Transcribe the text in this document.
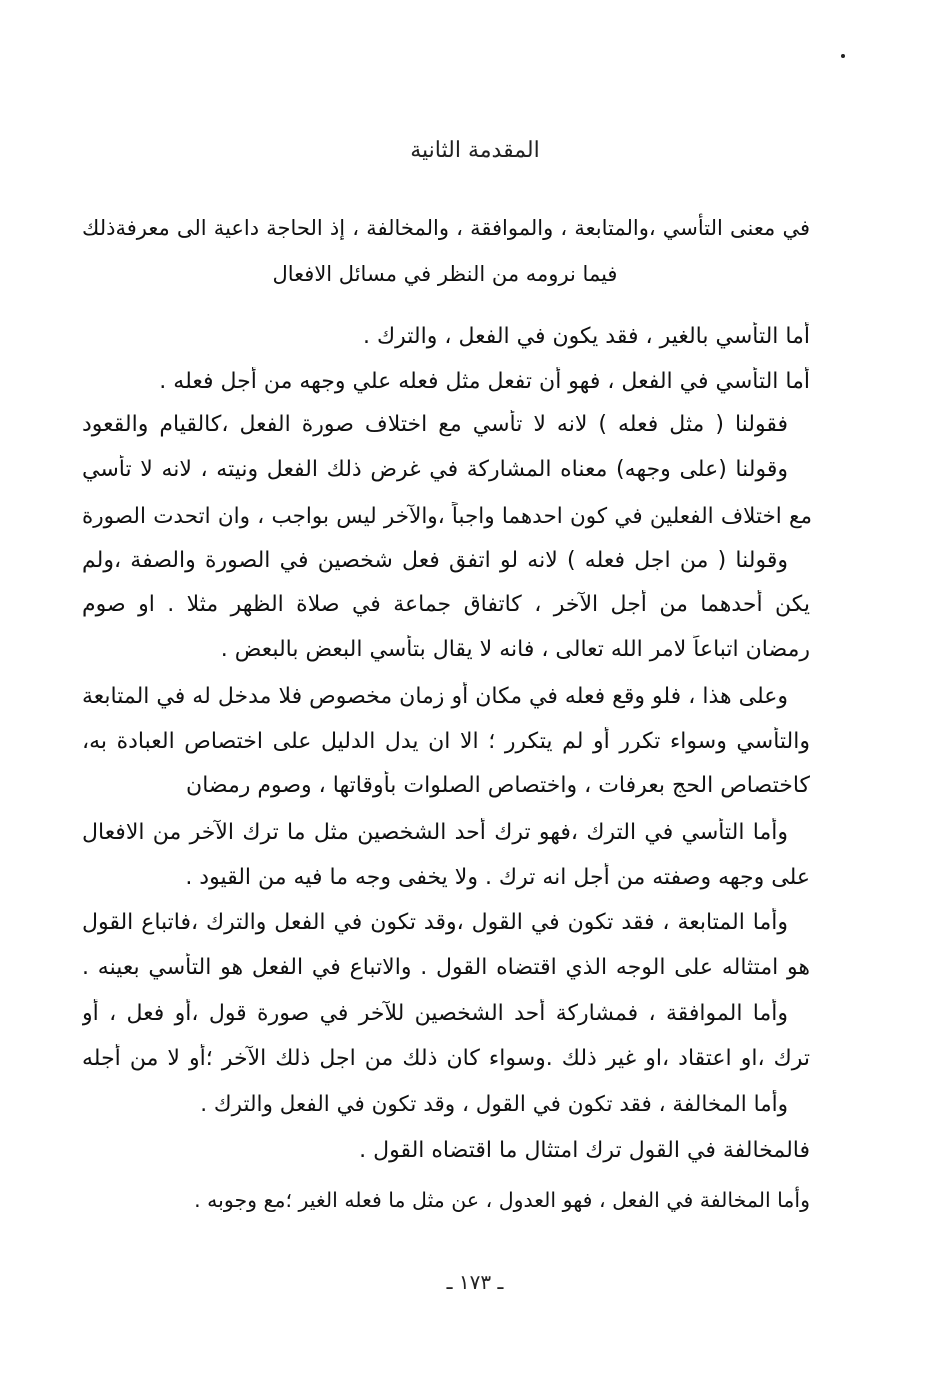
المقدمة الثانية
في معنى التأسي ،والمتابعة ، والموافقة ، والمخالفة ، إذ الحاجة داعية الى معرفةذلك
فيما نرومه من النظر في مسائل الافعال
أما التأسي بالغير ، فقد يكون في الفعل ، والترك .
أما التأسي في الفعل ، فهو أن تفعل مثل فعله علي وجهه من أجل فعله .
فقولنا ( مثل فعله ) لانه لا تأسي مع اختلاف صورة الفعل ،كالقيام والقعود
وقولنا (على وجهه) معناه المشاركة في غرض ذلك الفعل ونيته ، لانه لا تأسي
مع اختلاف الفعلين في كون احدهما واجباً ،والآخر ليس بواجب ، وان اتحدت الصورة
وقولنا ( من اجل فعله ) لانه لو اتفق فعل شخصين في الصورة والصفة ،ولم
يكن أحدهما من أجل الآخر ، كاتفاق جماعة في صلاة الظهر مثلا . او صوم
رمضان اتباعاً لامر الله تعالى ، فانه لا يقال بتأسي البعض بالبعض .
وعلى هذا ، فلو وقع فعله في مكان أو زمان مخصوص فلا مدخل له في المتابعة
والتأسي وسواء تكرر أو لم يتكرر ؛ الا ان يدل الدليل على اختصاص العبادة به،
كاختصاص الحج بعرفات ، واختصاص الصلوات بأوقاتها ، وصوم رمضان
وأما التأسي في الترك ،فهو ترك أحد الشخصين مثل ما ترك الآخر من الافعال
على وجهه وصفته من أجل انه ترك . ولا يخفى وجه ما فيه من القيود .
وأما المتابعة ، فقد تكون في القول ،وقد تكون في الفعل والترك ،فاتباع القول
هو امتثاله على الوجه الذي اقتضاه القول . والاتباع في الفعل هو التأسي بعينه .
وأما الموافقة ، فمشاركة أحد الشخصين للآخر في صورة قول ،أو فعل ، أو
ترك ،او اعتقاد ،او غير ذلك .وسواء كان ذلك من اجل ذلك الآخر ؛أو لا من أجله
وأما المخالفة ، فقد تكون في القول ، وقد تكون في الفعل والترك .
فالمخالفة في القول ترك امتثال ما اقتضاه القول .
وأما المخالفة في الفعل ، فهو العدول ، عن مثل ما فعله الغير ؛مع وجوبه .
ـ ١٧٣ ـ
